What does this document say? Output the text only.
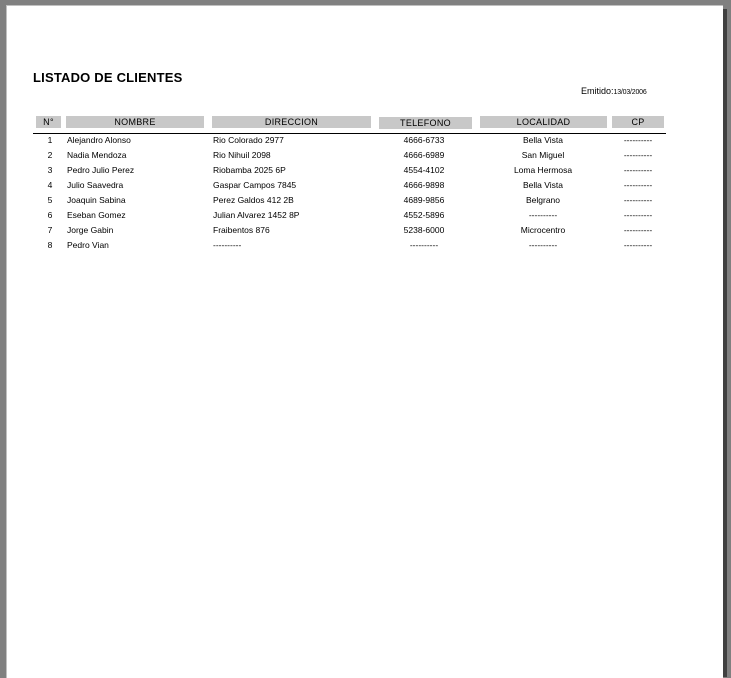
LISTADO DE CLIENTES
Emitido:13/03/2006
N°	NOMBRE	DIRECCION	TELEFONO	LOCALIDAD	CP
1	Alejandro Alonso	Rio Colorado 2977	4666-6733	Bella Vista	----------
2	Nadia Mendoza	Rio Nihuil 2098	4666-6989	San Miguel	----------
3	Pedro Julio Perez	Riobamba 2025 6P	4554-4102	Loma Hermosa	----------
4	Julio Saavedra	Gaspar Campos 7845	4666-9898	Bella Vista	----------
5	Joaquin Sabina	Perez Galdos 412 2B	4689-9856	Belgrano	----------
6	Eseban Gomez	Julian Alvarez 1452 8P	4552-5896	----------	----------
7	Jorge Gabin	Fraibentos 876	5238-6000	Microcentro	----------
8	Pedro Vian	----------	----------	----------	----------
